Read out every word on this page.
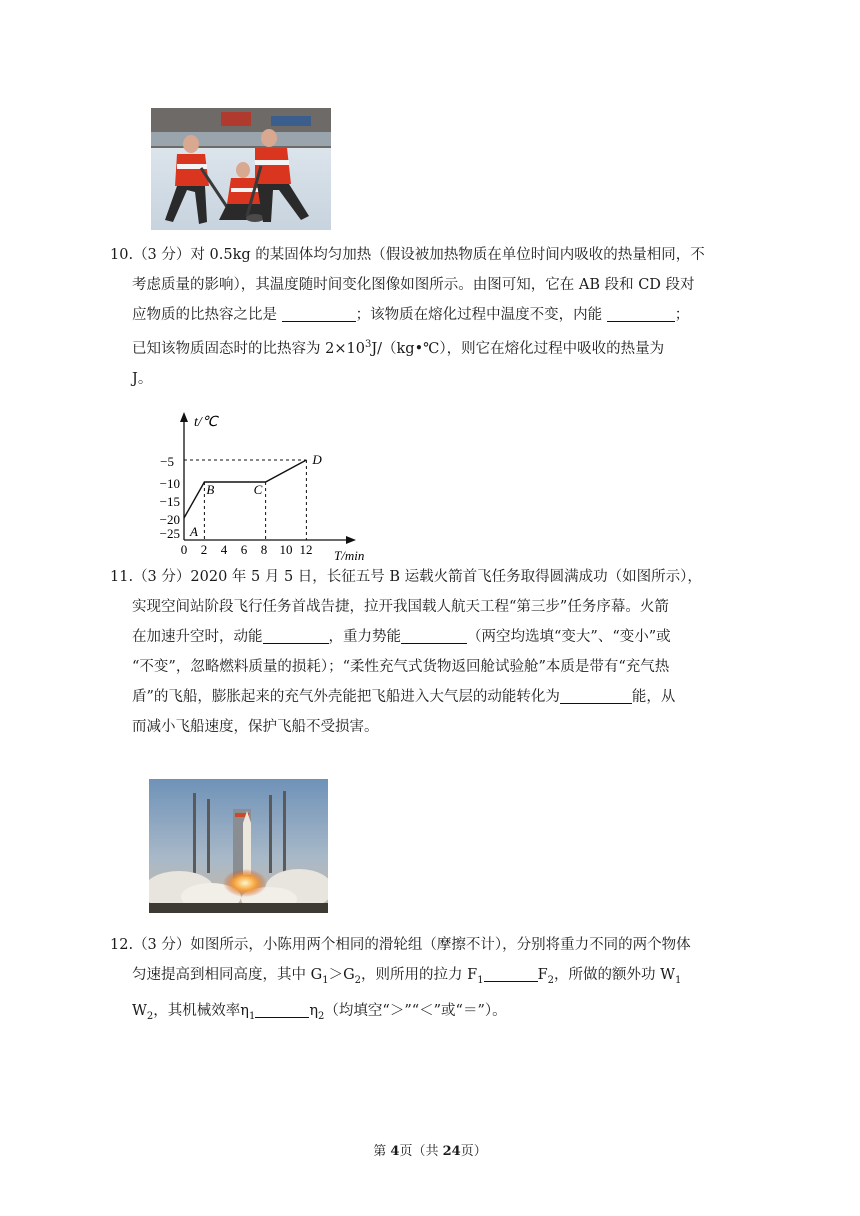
10.（3 分）对 0.5kg 的某固体均匀加热（假设被加热物质在单位时间内吸收的热量相同，不
考虑质量的影响），其温度随时间变化图像如图所示。由图可知，它在 AB 段和 CD 段对
应物质的比热容之比是	；该物质在熔化过程中温度不变，内能	；
已知该物质固态时的比热容为 $2\times 10^3J/(kg•℃)$，则它在熔化过程中吸收的热量为
J。
t/℃
T/min
−5
−10
−15
−20
−25
0 2 4 6 8 10 12
A
B	C
D
11.（3 分）2020 年 5 月 5 日，长征五号 B 运载火箭首飞任务取得圆满成功（如图所示），
实现空间站阶段飞行任务首战告捷，拉开我国载人航天工程“第三步”任务序幕。火箭
在加速升空时，动能	，重力势能	（两空均选填“变大”、“变小”或
“不变”，忽略燃料质量的损耗）；“柔性充气式货物返回舱试验舱”本质是带有“充气热
盾”的飞船，膨胀起来的充气外壳能把飞船进入大气层的动能转化为	能，从
而减小飞船速度，保护飞船不受损害。
12.（3 分）如图所示，小陈用两个相同的滑轮组（摩擦不计），分别将重力不同的两个物体
匀速提高到相同高度，其中 $G_1>G_2$，则所用的拉力 $F_1$	$F_2$，所做的额外功 $W_1$
$W_2$，其机械效率$\eta_1$	$\eta_2$（均填空“＞”“＜”或“＝”）。
第 4页（共 24页）
